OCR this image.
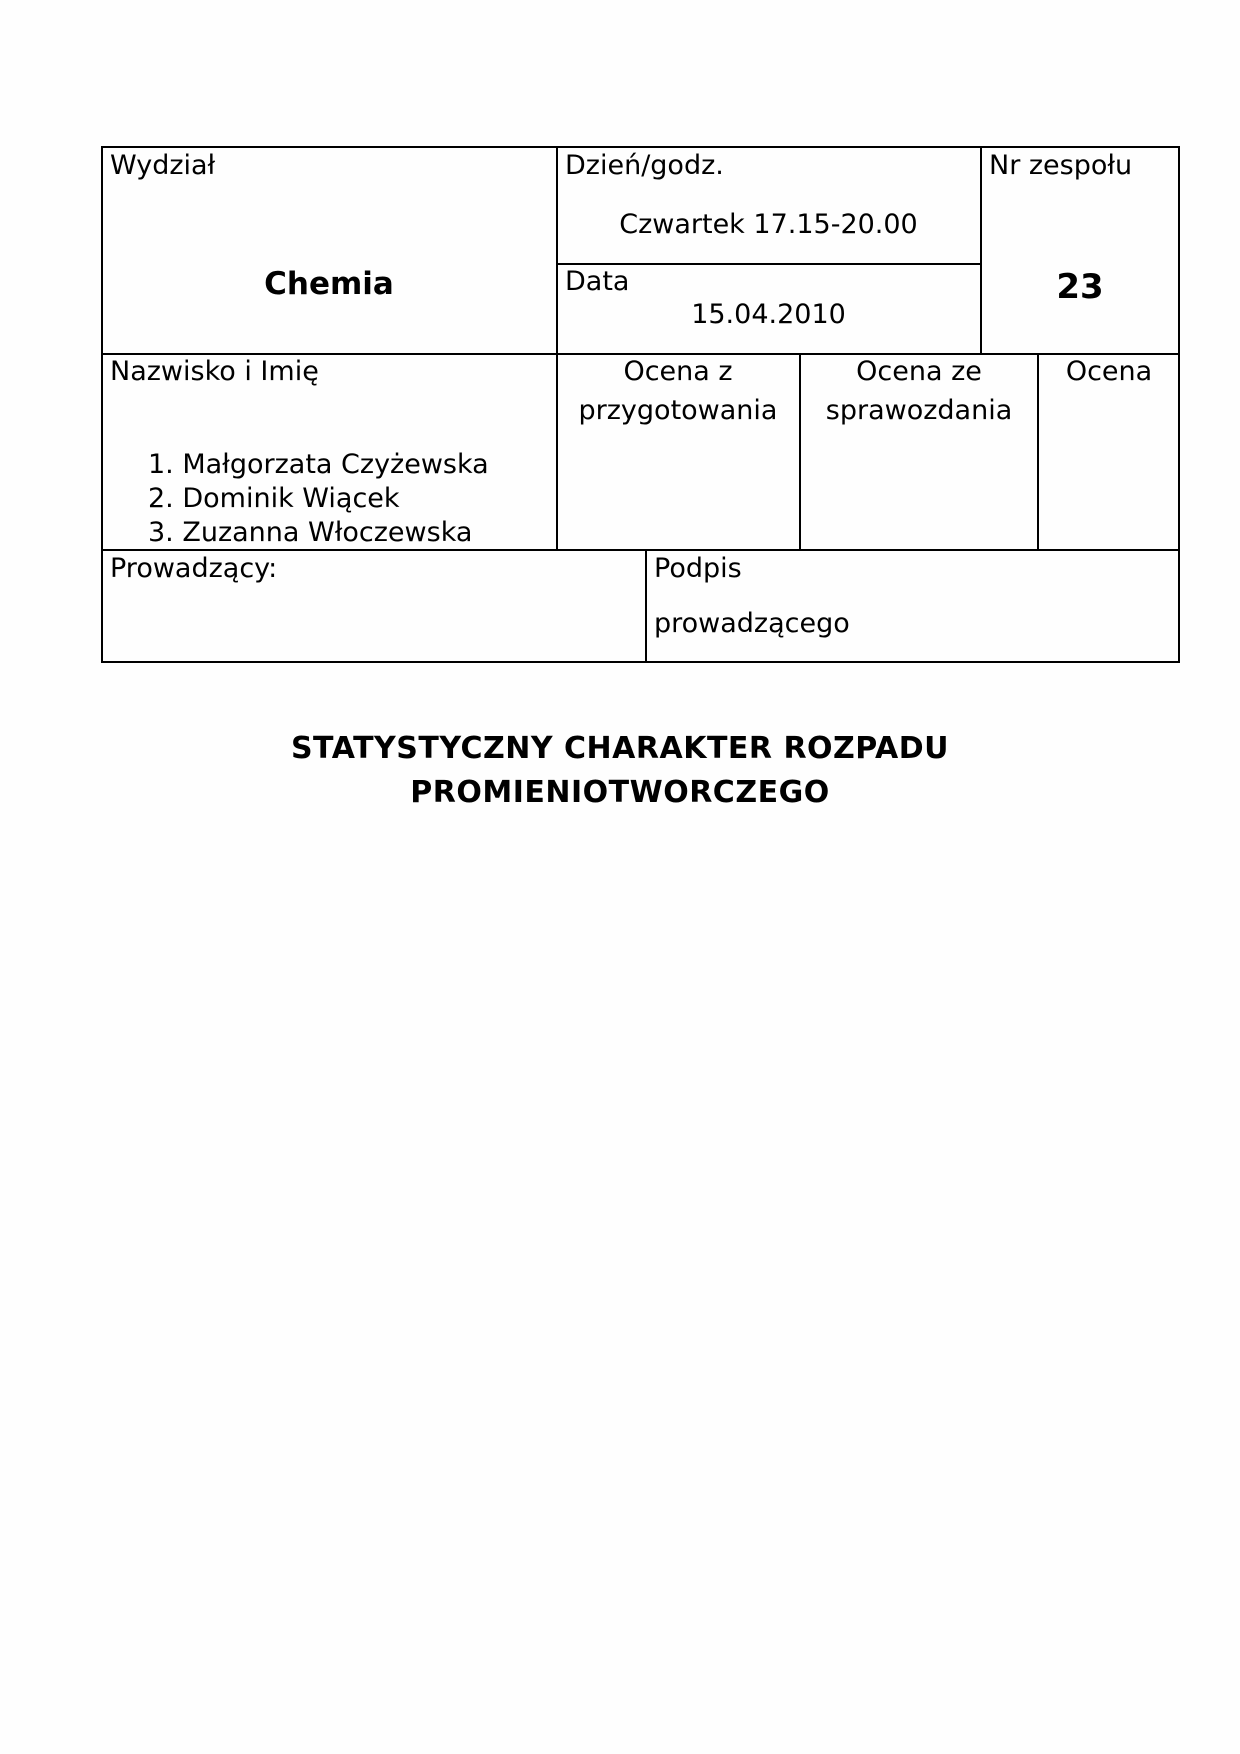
Wydział
Chemia
Dzień/godz.
Czwartek 17.15-20.00
Data
15.04.2010
Nr zespołu
23
Nazwisko i Imię
1. Małgorzata Czyżewska
2. Dominik Wiącek
3. Zuzanna Włoczewska
Ocena z
przygotowania
Ocena ze
sprawozdania
Ocena
Prowadzący:	Podpis
prowadzącego
STATYSTYCZNY CHARAKTER ROZPADU
PROMIENIOTWORCZEGO
